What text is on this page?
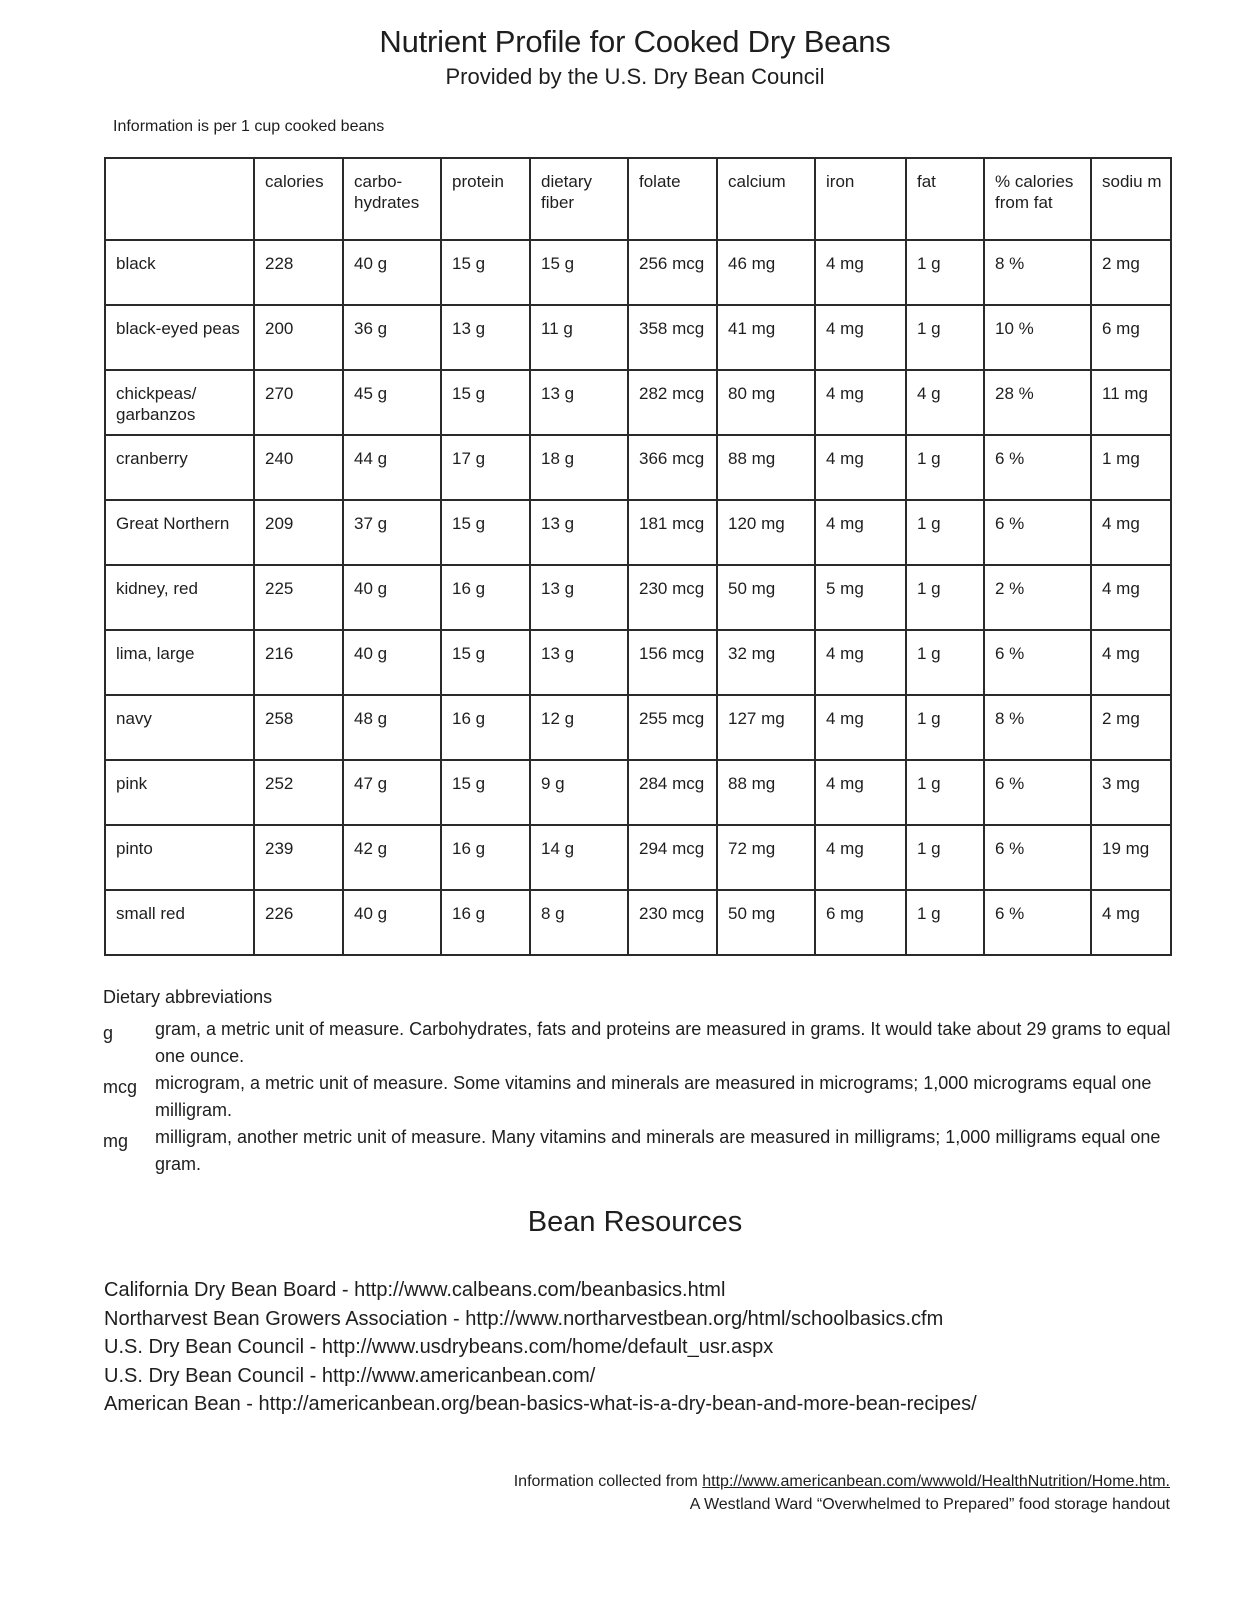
Nutrient Profile for Cooked Dry Beans
Provided by the U.S. Dry Bean Council
Information is per 1 cup cooked beans
	calories	carbo- hydrates	protein	dietary fiber	folate	calcium	iron	fat	% calories from fat	sodiu m
black	228	40 g	15 g	15 g	256 mcg	46 mg	4 mg	1 g	8 %	2 mg
black-eyed peas	200	36 g	13 g	11 g	358 mcg	41 mg	4 mg	1 g	10 %	6 mg
chickpeas/ garbanzos	270	45 g	15 g	13 g	282 mcg	80 mg	4 mg	4 g	28 %	11 mg
cranberry	240	44 g	17 g	18 g	366 mcg	88 mg	4 mg	1 g	6 %	1 mg
Great Northern	209	37 g	15 g	13 g	181 mcg	120 mg	4 mg	1 g	6 %	4 mg
kidney, red	225	40 g	16 g	13 g	230 mcg	50 mg	5 mg	1 g	2 %	4 mg
lima, large	216	40 g	15 g	13 g	156 mcg	32 mg	4 mg	1 g	6 %	4 mg
navy	258	48 g	16 g	12 g	255 mcg	127 mg	4 mg	1 g	8 %	2 mg
pink	252	47 g	15 g	9 g	284 mcg	88 mg	4 mg	1 g	6 %	3 mg
pinto	239	42 g	16 g	14 g	294 mcg	72 mg	4 mg	1 g	6 %	19 mg
small red	226	40 g	16 g	8 g	230 mcg	50 mg	6 mg	1 g	6 %	4 mg
Dietary abbreviations
g	gram, a metric unit of measure. Carbohydrates, fats and proteins are measured in grams. It would take about 29 grams to equal one ounce.
mcg microgram, a metric unit of measure. Some vitamins and minerals are measured in micrograms; 1,000 micrograms equal one milligram.
mg	milligram, another metric unit of measure. Many vitamins and minerals are measured in milligrams; 1,000 milligrams equal one gram.
Bean Resources
California Dry Bean Board - http://www.calbeans.com/beanbasics.html
Northarvest Bean Growers Association - http://www.northarvestbean.org/html/schoolbasics.cfm
U.S. Dry Bean Council - http://www.usdrybeans.com/home/default_usr.aspx
U.S. Dry Bean Council - http://www.americanbean.com/
American Bean - http://americanbean.org/bean-basics-what-is-a-dry-bean-and-more-bean-recipes/
Information collected from http://www.americanbean.com/wwwold/HealthNutrition/Home.htm.
A Westland Ward “Overwhelmed to Prepared” food storage handout
